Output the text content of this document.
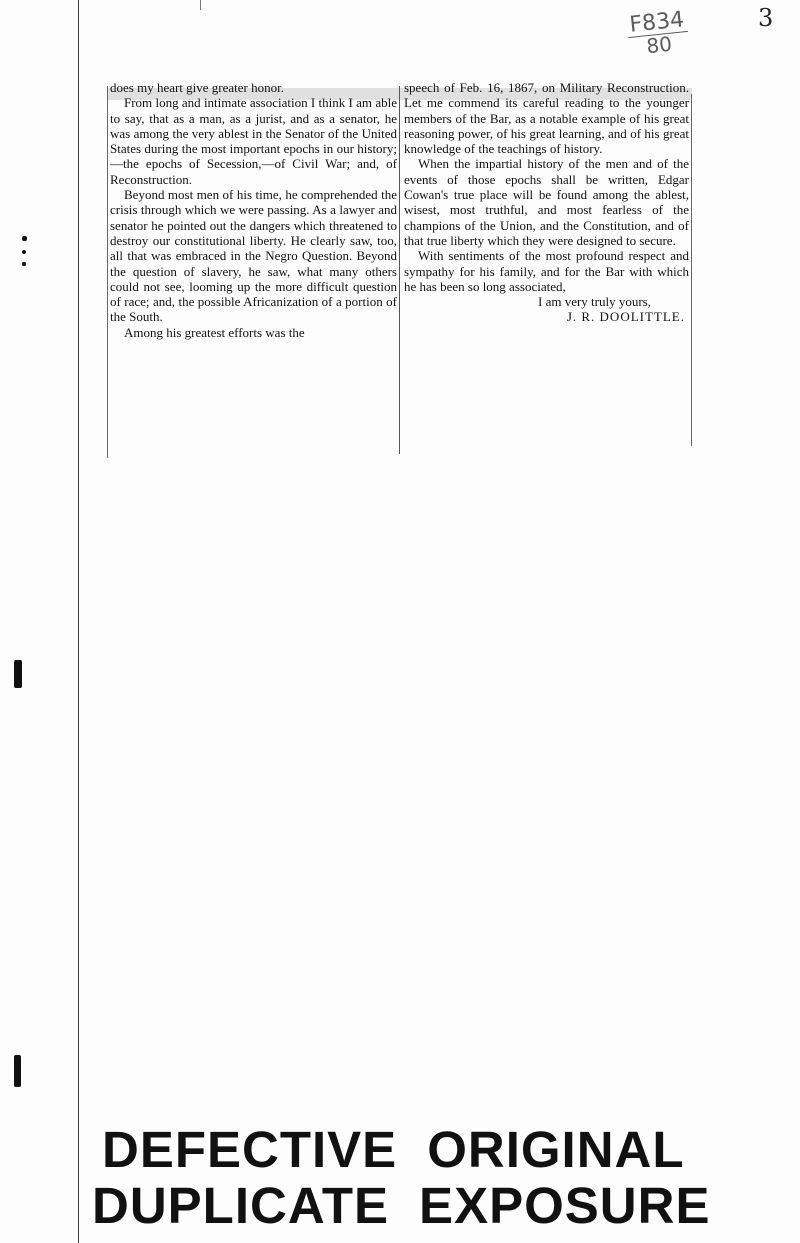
F834
80
3

does my heart give greater honor.

From long and intimate association I think I am able to say, that as a man, as a jurist, and as a senator, he was among the very ablest in the Senator of the United States during the most important epochs in our history;—the epochs of Secession,—of Civil War; and, of Reconstruction.

Beyond most men of his time, he comprehended the crisis through which we were passing. As a lawyer and senator he pointed out the dangers which threatened to destroy our constitutional liberty. He clearly saw, too, all that was embraced in the Negro Question. Beyond the question of slavery, he saw, what many others could not see, looming up the more difficult question of race; and, the possible Africanization of a portion of the South.

Among his greatest efforts was the

speech of Feb. 16, 1867, on Military Reconstruction. Let me commend its careful reading to the younger members of the Bar, as a notable example of his great reasoning power, of his great learning, and of his great knowledge of the teachings of history.

When the impartial history of the men and of the events of those epochs shall be written, Edgar Cowan's true place will be found among the ablest, wisest, most truthful, and most fearless of the champions of the Union, and the Constitution, and of that true liberty which they were designed to secure.

With sentiments of the most profound respect and sympathy for his family, and for the Bar with which he has been so long associated,

I am very truly yours,

J. R. DOOLITTLE.

DEFECTIVE ORIGINAL
DUPLICATE EXPOSURE
